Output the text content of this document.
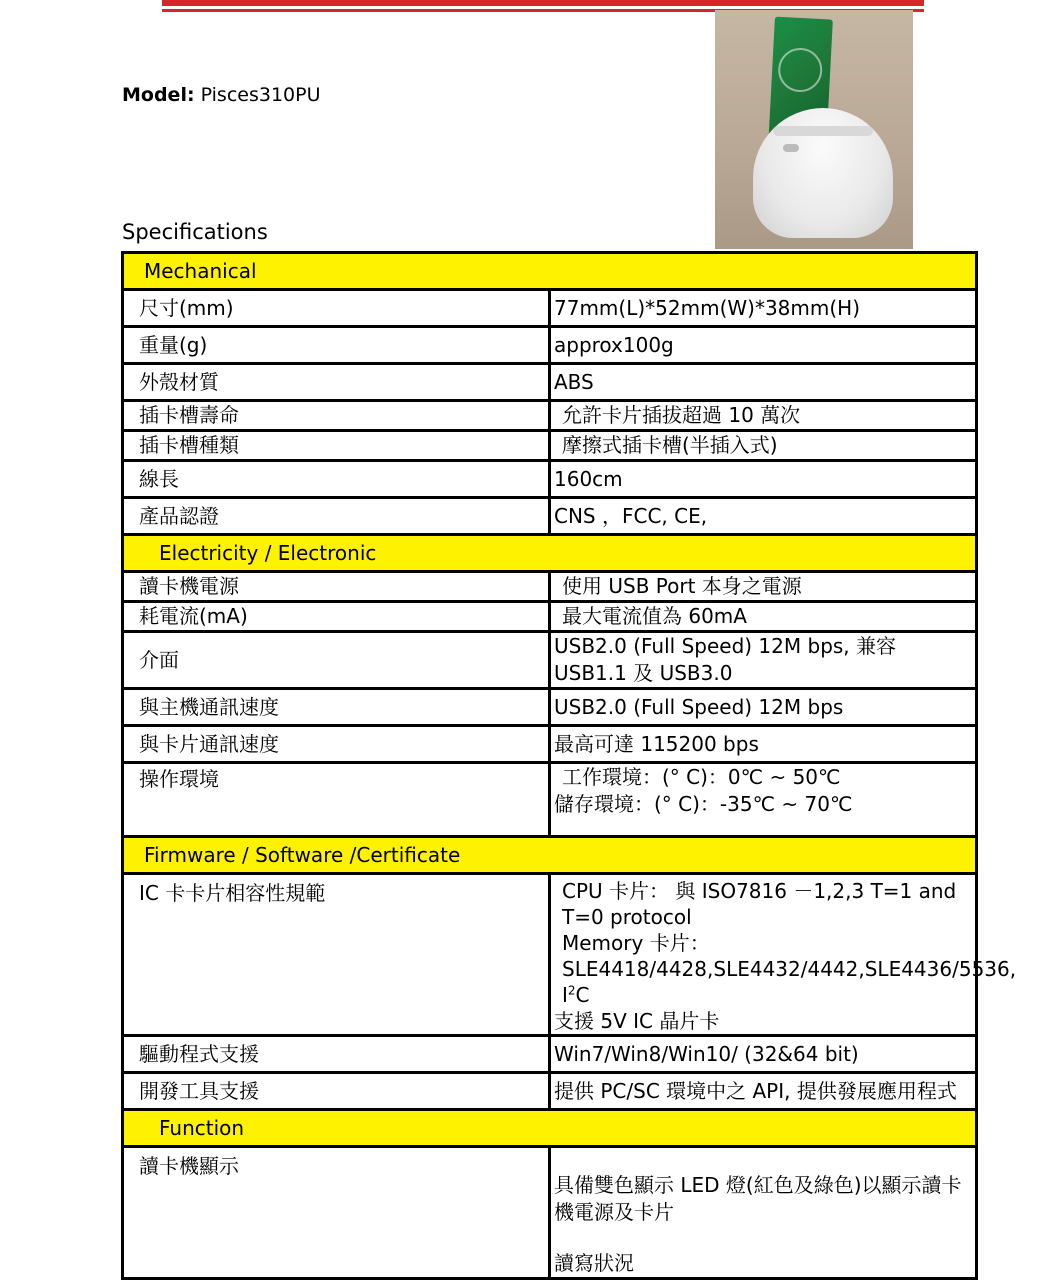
Model: Pisces310PU
Specifications
Mechanical	
尺寸(mm)	77mm(L)*52mm(W)*38mm(H)
重量(g)	approx100g
外殼材質	ABS
插卡槽壽命	允許卡片插拔超過 10 萬次

插卡槽種類	摩擦式插卡槽(半插入式)

線長	160cm
產品認證	CNS ，FCC, CE,
Electricity / Electronic	
讀卡機電源	使用 USB Port 本身之電源

耗電流(mA)	最大電流值為 60mA

介面	USB2.0 (Full Speed) 12M bps, 兼容 USB1.1 及 USB3.0
與主機通訊速度	USB2.0 (Full Speed) 12M bps
與卡片通訊速度	最高可達 115200 bps
操作環境	工作環境：(° C)：0℃ ~ 50℃
儲存環境：(° C)：-35℃ ~ 70℃
Firmware / Software /Certificate	
IC 卡卡片相容性規範	CPU 卡片： 與 ISO7816 －1,2,3 T=1 and T=0 protocol
Memory 卡片：
SLE4418/4428,SLE4432/4442,SLE4436/5536, $I^2C$
支援 5V IC 晶片卡
驅動程式支援	Win7/Win8/Win10/ (32&64 bit)
開發工具支援	提供 PC/SC 環境中之 API, 提供發展應用程式
Function	
讀卡機顯示	具備雙色顯示 LED 燈(紅色及綠色)以顯示讀卡機電源及卡片
讀寫狀況
